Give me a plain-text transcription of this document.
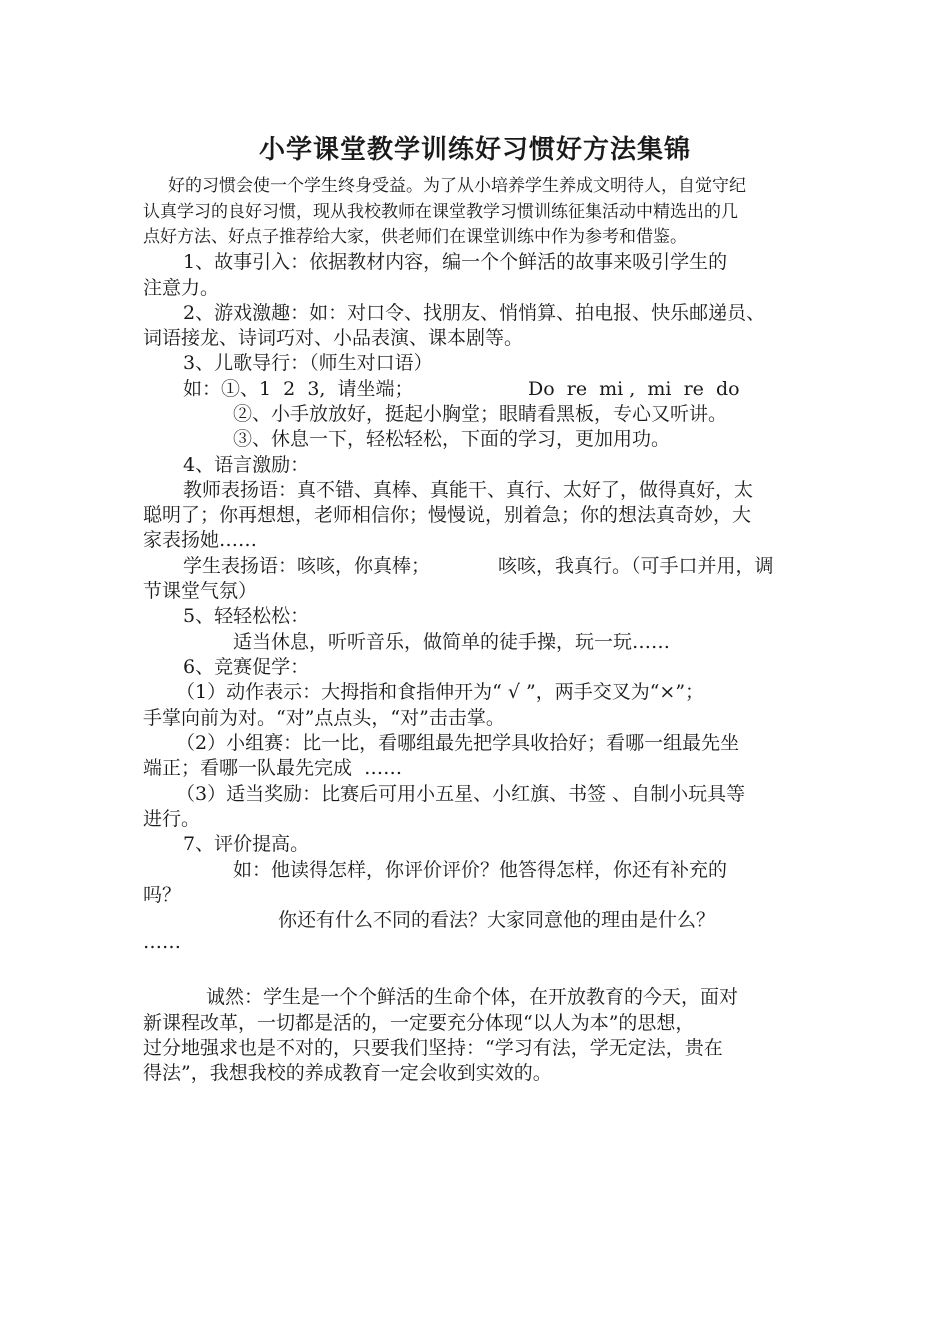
小学课堂教学训练好习惯好方法集锦
好的习惯会使一个学生终身受益。为了从小培养学生养成文明待人，自觉守纪
认真学习的良好习惯，现从我校教师在课堂教学习惯训练征集活动中精选出的几
点好方法、好点子推荐给大家，供老师们在课堂训练中作为参考和借鉴。
1、故事引入：依据教材内容，编一个个鲜活的故事来吸引学生的
注意力。
2、游戏激趣：如：对口令、找朋友、悄悄算、拍电报、快乐邮递员、
词语接龙、诗词巧对、小品表演、课本剧等。
3、儿歌导行：（师生对口语）
如：①、1  2  3,  请坐端；	Do  re  mi ,  mi  re  do
②、小手放放好，挺起小胸堂；眼睛看黑板，专心又听讲。
③、休息一下，轻松轻松，下面的学习，更加用功。
4、语言激励：
教师表扬语：真不错、真棒、真能干、真行、太好了，做得真好，太
聪明了；你再想想，老师相信你；慢慢说，别着急；你的想法真奇妙，大
家表扬她……
学生表扬语：咳咳，你真棒；	咳咳，我真行。（可手口并用，调
节课堂气氛）
5、轻轻松松：
适当休息，听听音乐，做简单的徒手操，玩一玩……
6、竞赛促学：
（1）动作表示：大拇指和食指伸开为“ √ ”，两手交叉为“×”；
手掌向前为对。“对”点点头，“对”击击掌。
（2）小组赛：比一比，看哪组最先把学具收拾好；看哪一组最先坐
端正；看哪一队最先完成  ……
（3）适当奖励：比赛后可用小五星、小红旗、书签 、自制小玩具等
进行。
7、评价提高。
如：他读得怎样，你评价评价？他答得怎样，你还有补充的
吗？
你还有什么不同的看法？大家同意他的理由是什么？
……
诚然：学生是一个个鲜活的生命个体，在开放教育的今天，面对
新课程改革，一切都是活的，一定要充分体现“以人为本”的思想，
过分地强求也是不对的，只要我们坚持：“学习有法，学无定法，贵在
得法”，我想我校的养成教育一定会收到实效的。
